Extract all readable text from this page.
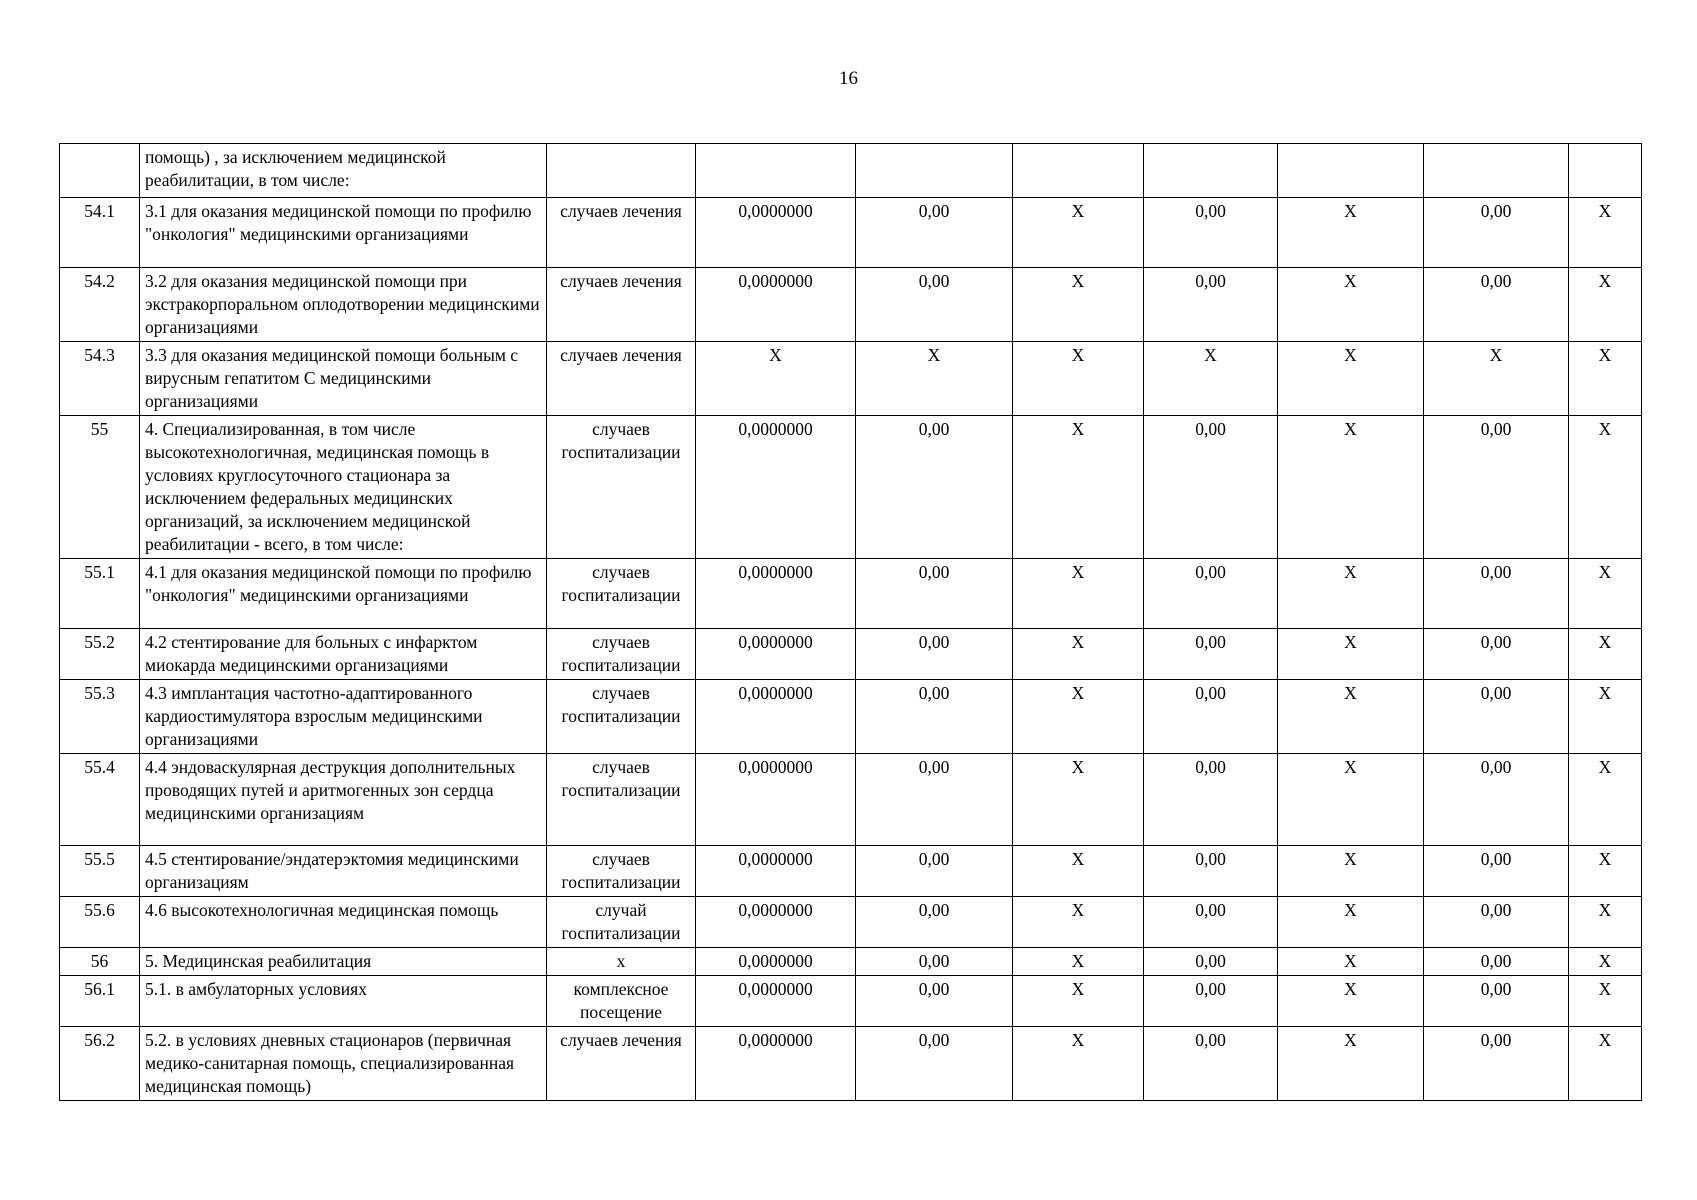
16
	помощь) , за исключением медицинской реабилитации, в том числе:								
54.1	3.1 для оказания медицинской помощи по профилю "онкология" медицинскими организациями	случаев лечения	0,0000000	0,00	X	0,00	X	0,00	X
54.2	3.2 для оказания медицинской помощи при экстракорпоральном оплодотворении медицинскими организациями	случаев лечения	0,0000000	0,00	X	0,00	X	0,00	X
54.3	3.3 для оказания медицинской помощи больным с вирусным гепатитом С медицинскими организациями	случаев лечения	X	X	X	X	X	X	X
55	4. Специализированная, в том числе высокотехнологичная, медицинская помощь в условиях круглосуточного стационара за исключением федеральных медицинских организаций, за исключением медицинской реабилитации - всего, в том числе:	случаев госпитализации	0,0000000	0,00	X	0,00	X	0,00	X
55.1	4.1 для оказания медицинской помощи по профилю "онкология" медицинскими организациями	случаев госпитализации	0,0000000	0,00	X	0,00	X	0,00	X
55.2	4.2 стентирование для больных с инфарктом миокарда медицинскими организациями	случаев госпитализации	0,0000000	0,00	X	0,00	X	0,00	X
55.3	4.3 имплантация частотно-адаптированного кардиостимулятора взрослым медицинскими организациями	случаев госпитализации	0,0000000	0,00	X	0,00	X	0,00	X
55.4	4.4 эндоваскулярная деструкция дополнительных проводящих путей и аритмогенных зон сердца медицинскими организациям	случаев госпитализации	0,0000000	0,00	X	0,00	X	0,00	X
55.5	4.5 стентирование/эндатерэктомия медицинскими организациям	случаев госпитализации	0,0000000	0,00	X	0,00	X	0,00	X
55.6	4.6 высокотехнологичная медицинская помощь	случай госпитализации	0,0000000	0,00	X	0,00	X	0,00	X
56	5. Медицинская реабилитация	х	0,0000000	0,00	X	0,00	X	0,00	X
56.1	5.1. в амбулаторных условиях	комплексное посещение	0,0000000	0,00	X	0,00	X	0,00	X
56.2	5.2. в условиях дневных стационаров (первичная медико-санитарная помощь, специализированная медицинская помощь)	случаев лечения	0,0000000	0,00	X	0,00	X	0,00	X
